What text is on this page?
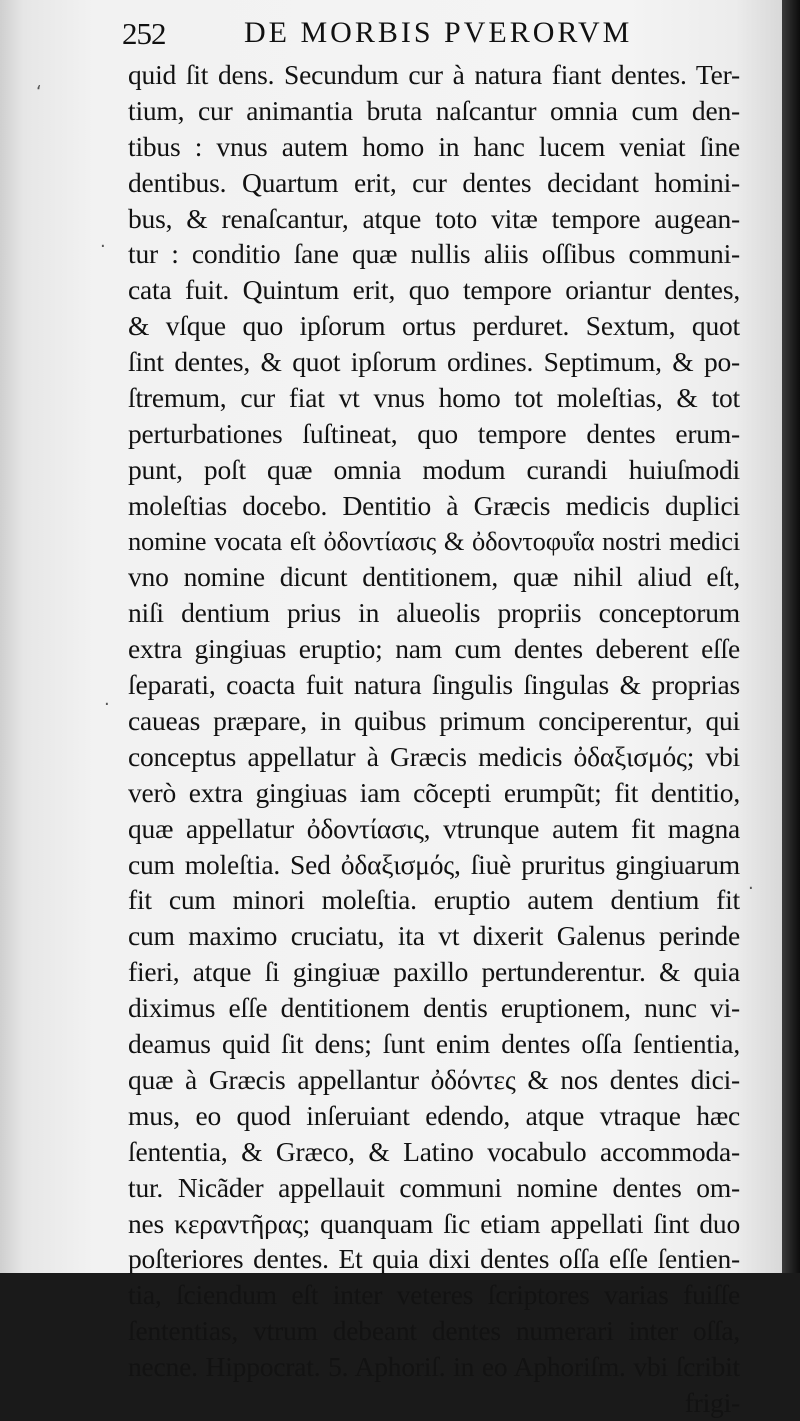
252	DE MORBIS PVERORVM
quid ſit dens. Secundum cur à natura fiant dentes. Ter-
tium, cur animantia bruta naſcantur omnia cum den-
tibus : vnus autem homo in hanc lucem veniat ſine
dentibus. Quartum erit, cur dentes decidant homini-
bus, & renaſcantur, atque toto vitæ tempore augean-
tur : conditio ſane quæ nullis aliis oſſibus communi-
cata fuit. Quintum erit, quo tempore oriantur dentes,
& vſque quo ipſorum ortus perduret. Sextum, quot
ſint dentes, & quot ipſorum ordines. Septimum, & po-
ſtremum, cur fiat vt vnus homo tot moleſtias, & tot
perturbationes ſuſtineat, quo tempore dentes erum-
punt, poſt quæ omnia modum curandi huiuſmodi
moleſtias docebo. Dentitio à Græcis medicis duplici
nomine vocata eſt ὀδοντίασις & ὀδοντοφυΐα nostri medici
vno nomine dicunt dentitionem, quæ nihil aliud eſt,
niſi dentium prius in alueolis propriis conceptorum
extra gingiuas eruptio; nam cum dentes deberent eſſe
ſeparati, coacta fuit natura ſingulis ſingulas & proprias
caueas præpare, in quibus primum conciperentur, qui
conceptus appellatur à Græcis medicis ὀδαξισμός; vbi
verò extra gingiuas iam cõcepti erumpũt; fit dentitio,
quæ appellatur ὀδοντίασις, vtrunque autem fit magna
cum moleſtia. Sed ὀδαξισμός, ſiuè pruritus gingiuarum
fit cum minori moleſtia. eruptio autem dentium fit
cum maximo cruciatu, ita vt dixerit Galenus perinde
fieri, atque ſi gingiuæ paxillo pertunderentur. & quia
diximus eſſe dentitionem dentis eruptionem, nunc vi-
deamus quid ſit dens; ſunt enim dentes oſſa ſentientia,
quæ à Græcis appellantur ὀδόντες & nos dentes dici-
mus, eo quod inſeruiant edendo, atque vtraque hæc
ſententia, & Græco, & Latino vocabulo accommoda-
tur. Nicãder appellauit communi nomine dentes om-
nes κεραντῆρας; quanquam ſic etiam appellati ſint duo
poſteriores dentes. Et quia dixi dentes oſſa eſſe ſentien-
tia, ſciendum eſt inter veteres ſcriptores varias fuiſſe
ſententias, vtrum debeant dentes numerari inter oſſa,
necne. Hippocrat. 5. Aphoriſ. in eo Aphoriſm. vbi ſcribit
frigi-
‘
·
·
·
